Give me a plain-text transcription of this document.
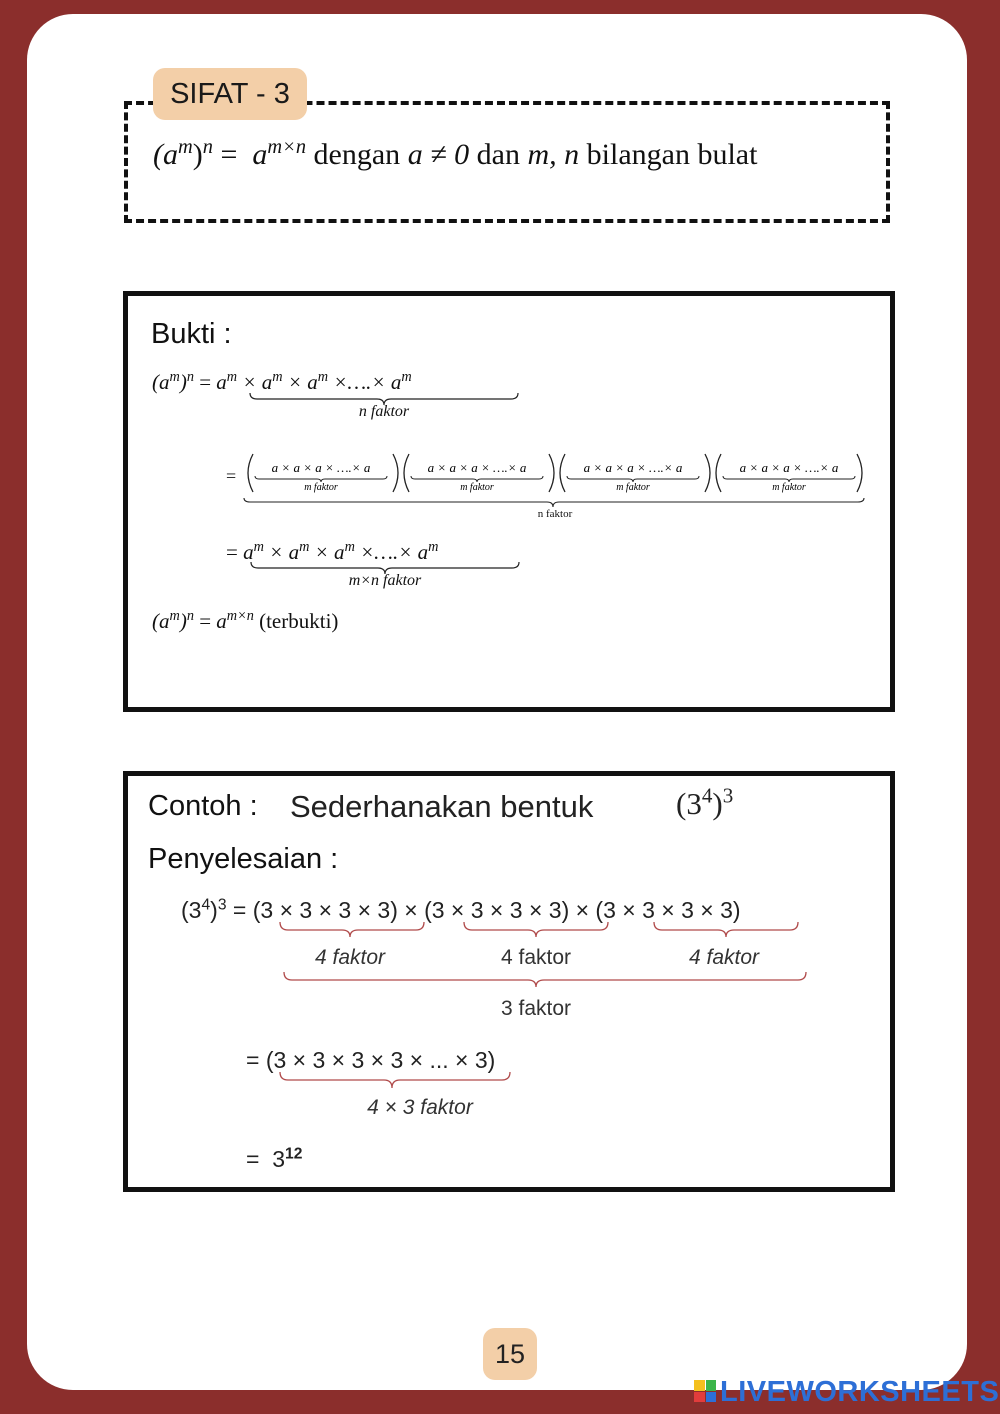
SIFAT - 3
$(a^m)^n = a^{m\times n}$ dengan a ≠ 0 dan m, n bilangan bulat
Bukti :
$(a^m)^n = a^m \times a^m \times a^m$ ×….× $a^m$
n faktor
=	a × a × a × ….× a	a × a × a × ….× a	a × a × a × ….× a	a × a × a × ….× a
m faktor	m faktor	m faktor	m faktor
n faktor
= $a^m \times a^m \times a^m$ ×….× $a^m$
m×n faktor
$(a^m)^n = a^{m\times n}$ (terbukti)
Contoh : Sederhanakan bentuk	$(3^4)^3$
Penyelesaian :
$(3^4)^3 = (3 \times 3 \times 3 \times 3) \times (3 \times 3 \times 3 \times 3) \times (3 \times 3 \times 3 \times 3)$
4 faktor	4 faktor	4 faktor
3 faktor
= (3 × 3 × 3 × 3 × ... × 3)
4 × 3 faktor
=  $3^{12}$
15
LIVEWORKSHEETS
